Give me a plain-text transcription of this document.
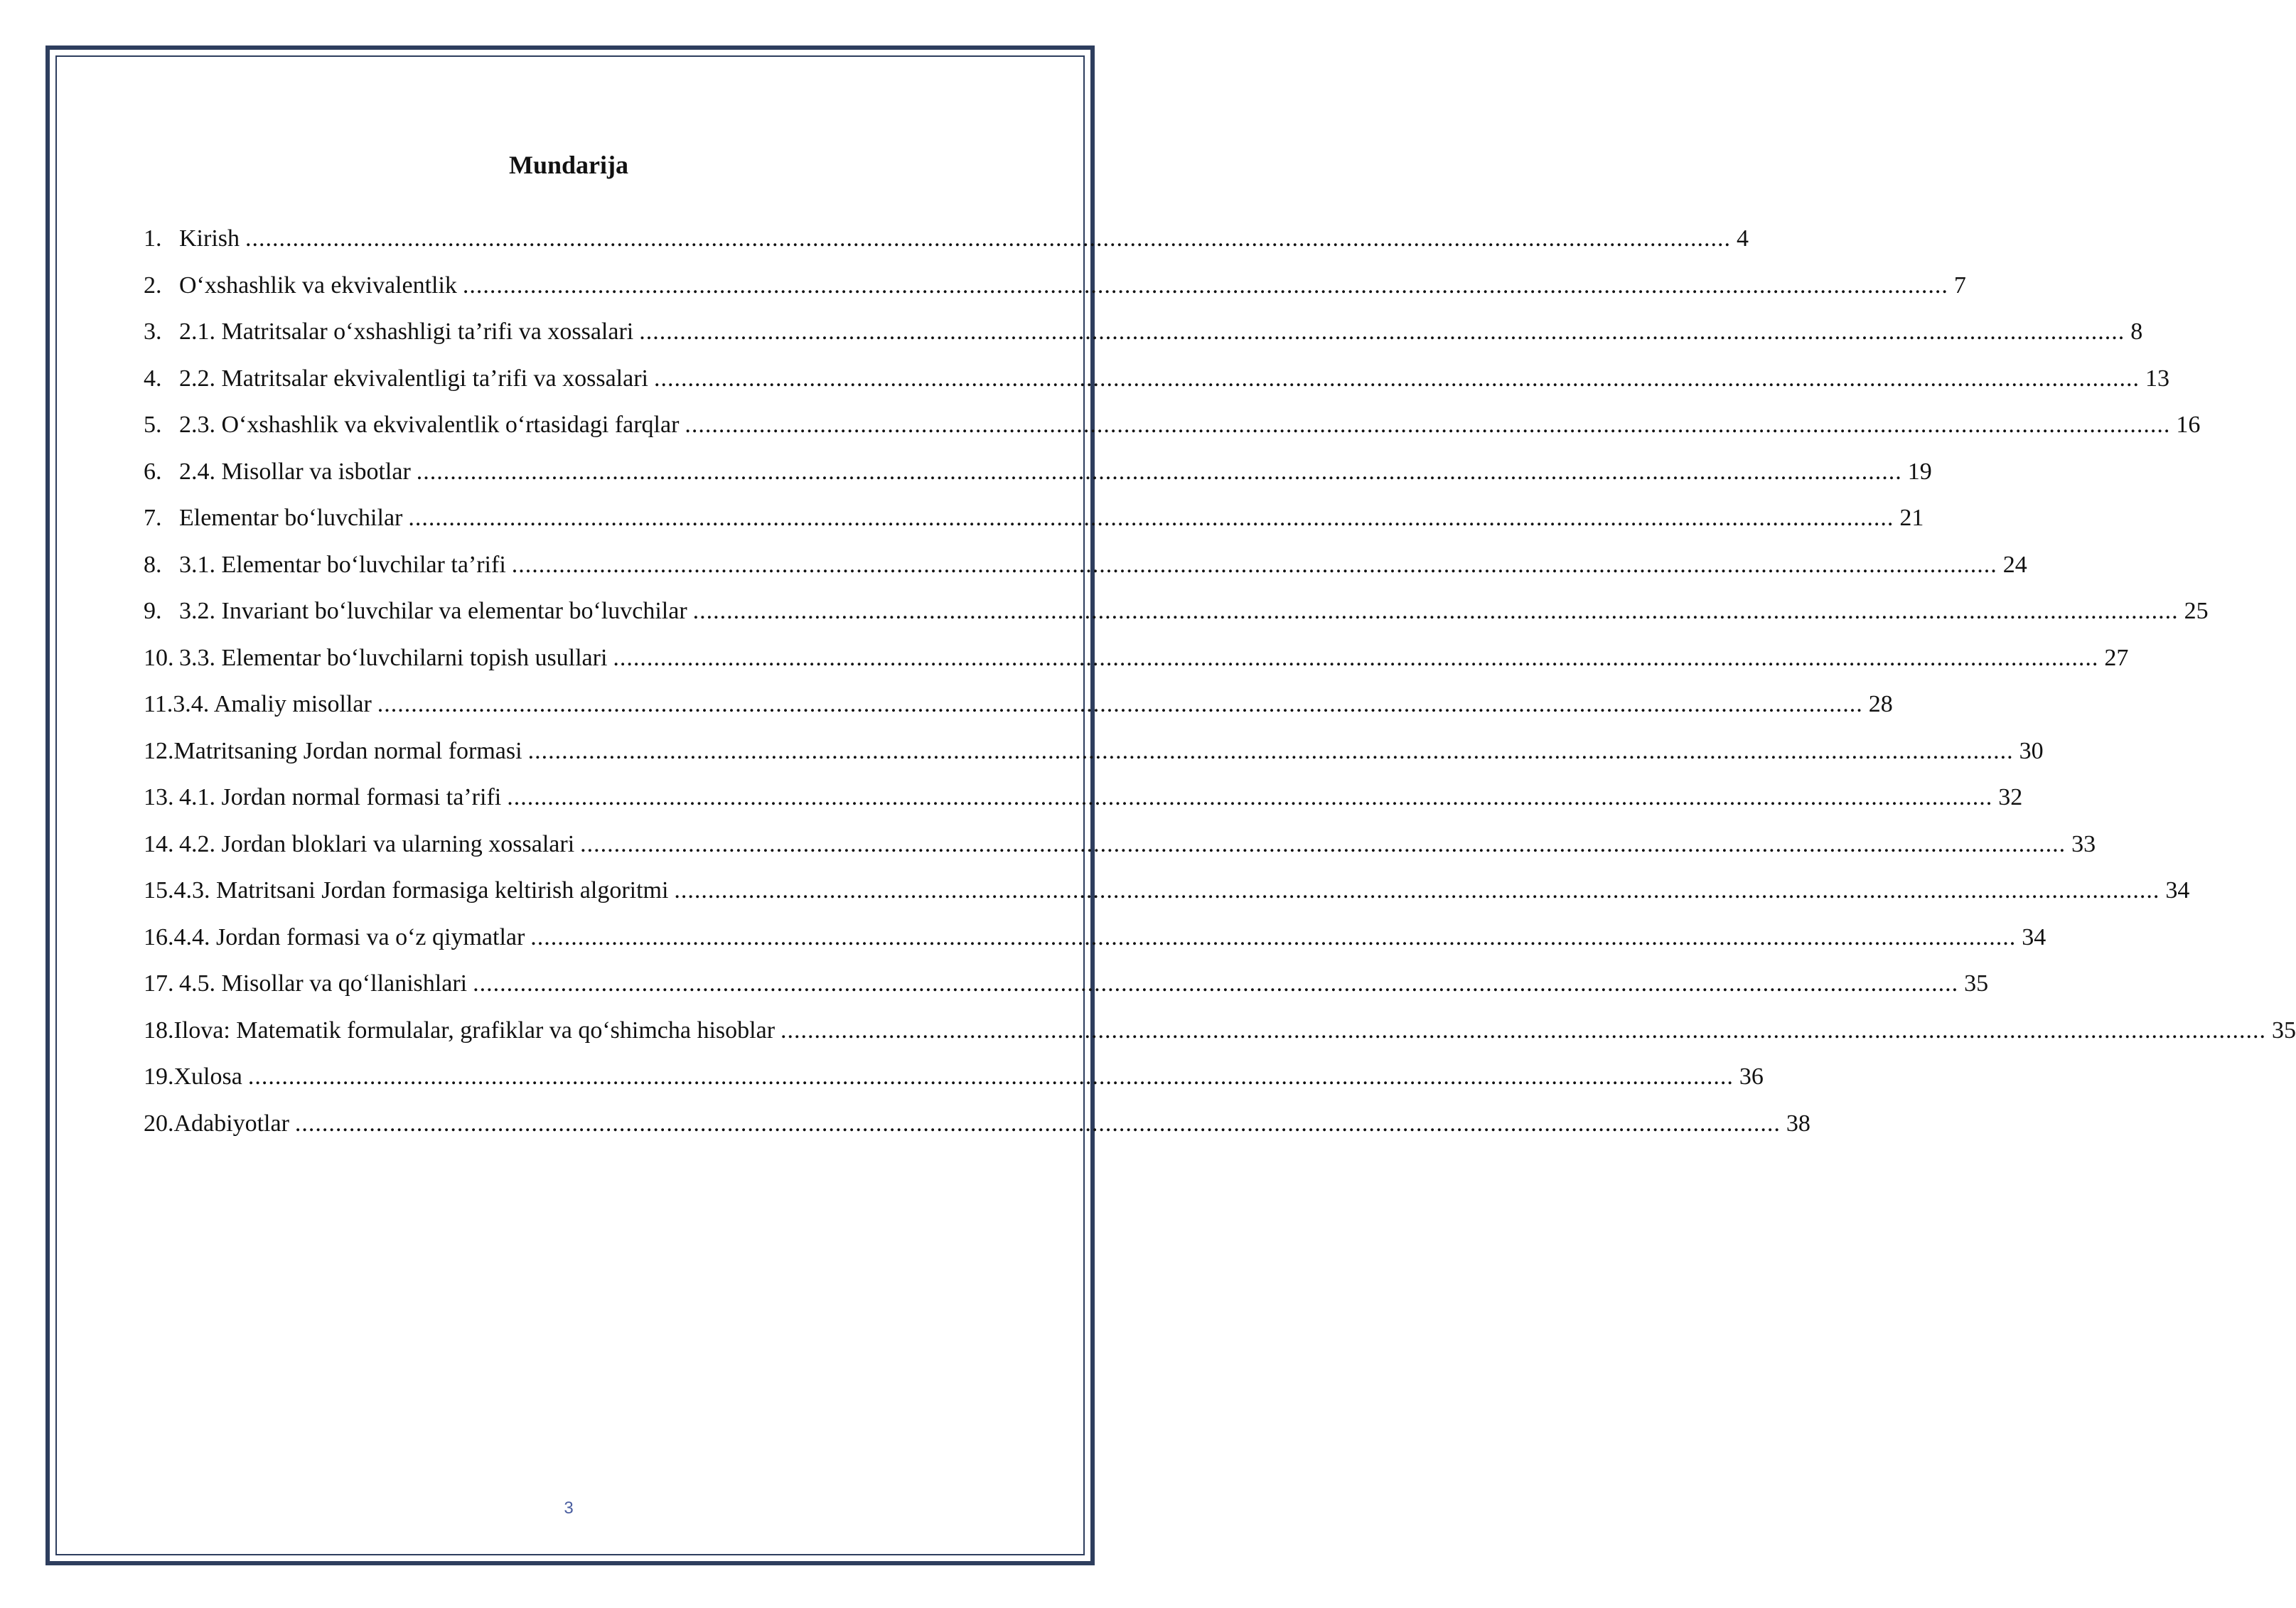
Mundarija
1. Kirish ............................................................................................................................................................................................................................ 4
2. O‘xshashlik va ekvivalentlik ............................................................................................................................................................................................................................ 7
3. 2.1. Matritsalar o‘xshashligi ta’rifi va xossalari ............................................................................................................................................................................................................................ 8
4. 2.2. Matritsalar ekvivalentligi ta’rifi va xossalari ............................................................................................................................................................................................................................ 13
5. 2.3. O‘xshashlik va ekvivalentlik o‘rtasidagi farqlar ............................................................................................................................................................................................................................ 16
6. 2.4. Misollar va isbotlar ............................................................................................................................................................................................................................ 19
7. Elementar bo‘luvchilar ............................................................................................................................................................................................................................ 21
8. 3.1. Elementar bo‘luvchilar ta’rifi ............................................................................................................................................................................................................................ 24
9. 3.2. Invariant bo‘luvchilar va elementar bo‘luvchilar ............................................................................................................................................................................................................................ 25
10. 3.3. Elementar bo‘luvchilarni topish usullari ............................................................................................................................................................................................................................ 27
11. 3.4. Amaliy misollar ............................................................................................................................................................................................................................ 28
12. Matritsaning Jordan normal formasi ............................................................................................................................................................................................................................ 30
13. 4.1. Jordan normal formasi ta’rifi ............................................................................................................................................................................................................................ 32
14. 4.2. Jordan bloklari va ularning xossalari ............................................................................................................................................................................................................................ 33
15. 4.3. Matritsani Jordan formasiga keltirish algoritmi ............................................................................................................................................................................................................................ 34
16. 4.4. Jordan formasi va o‘z qiymatlar ............................................................................................................................................................................................................................ 34
17. 4.5. Misollar va qo‘llanishlari ............................................................................................................................................................................................................................ 35
18. Ilova: Matematik formulalar, grafiklar va qo‘shimcha hisoblar ............................................................................................................................................................................................................................ 35
19. Xulosa ............................................................................................................................................................................................................................ 36
20. Adabiyotlar ............................................................................................................................................................................................................................ 38
3
